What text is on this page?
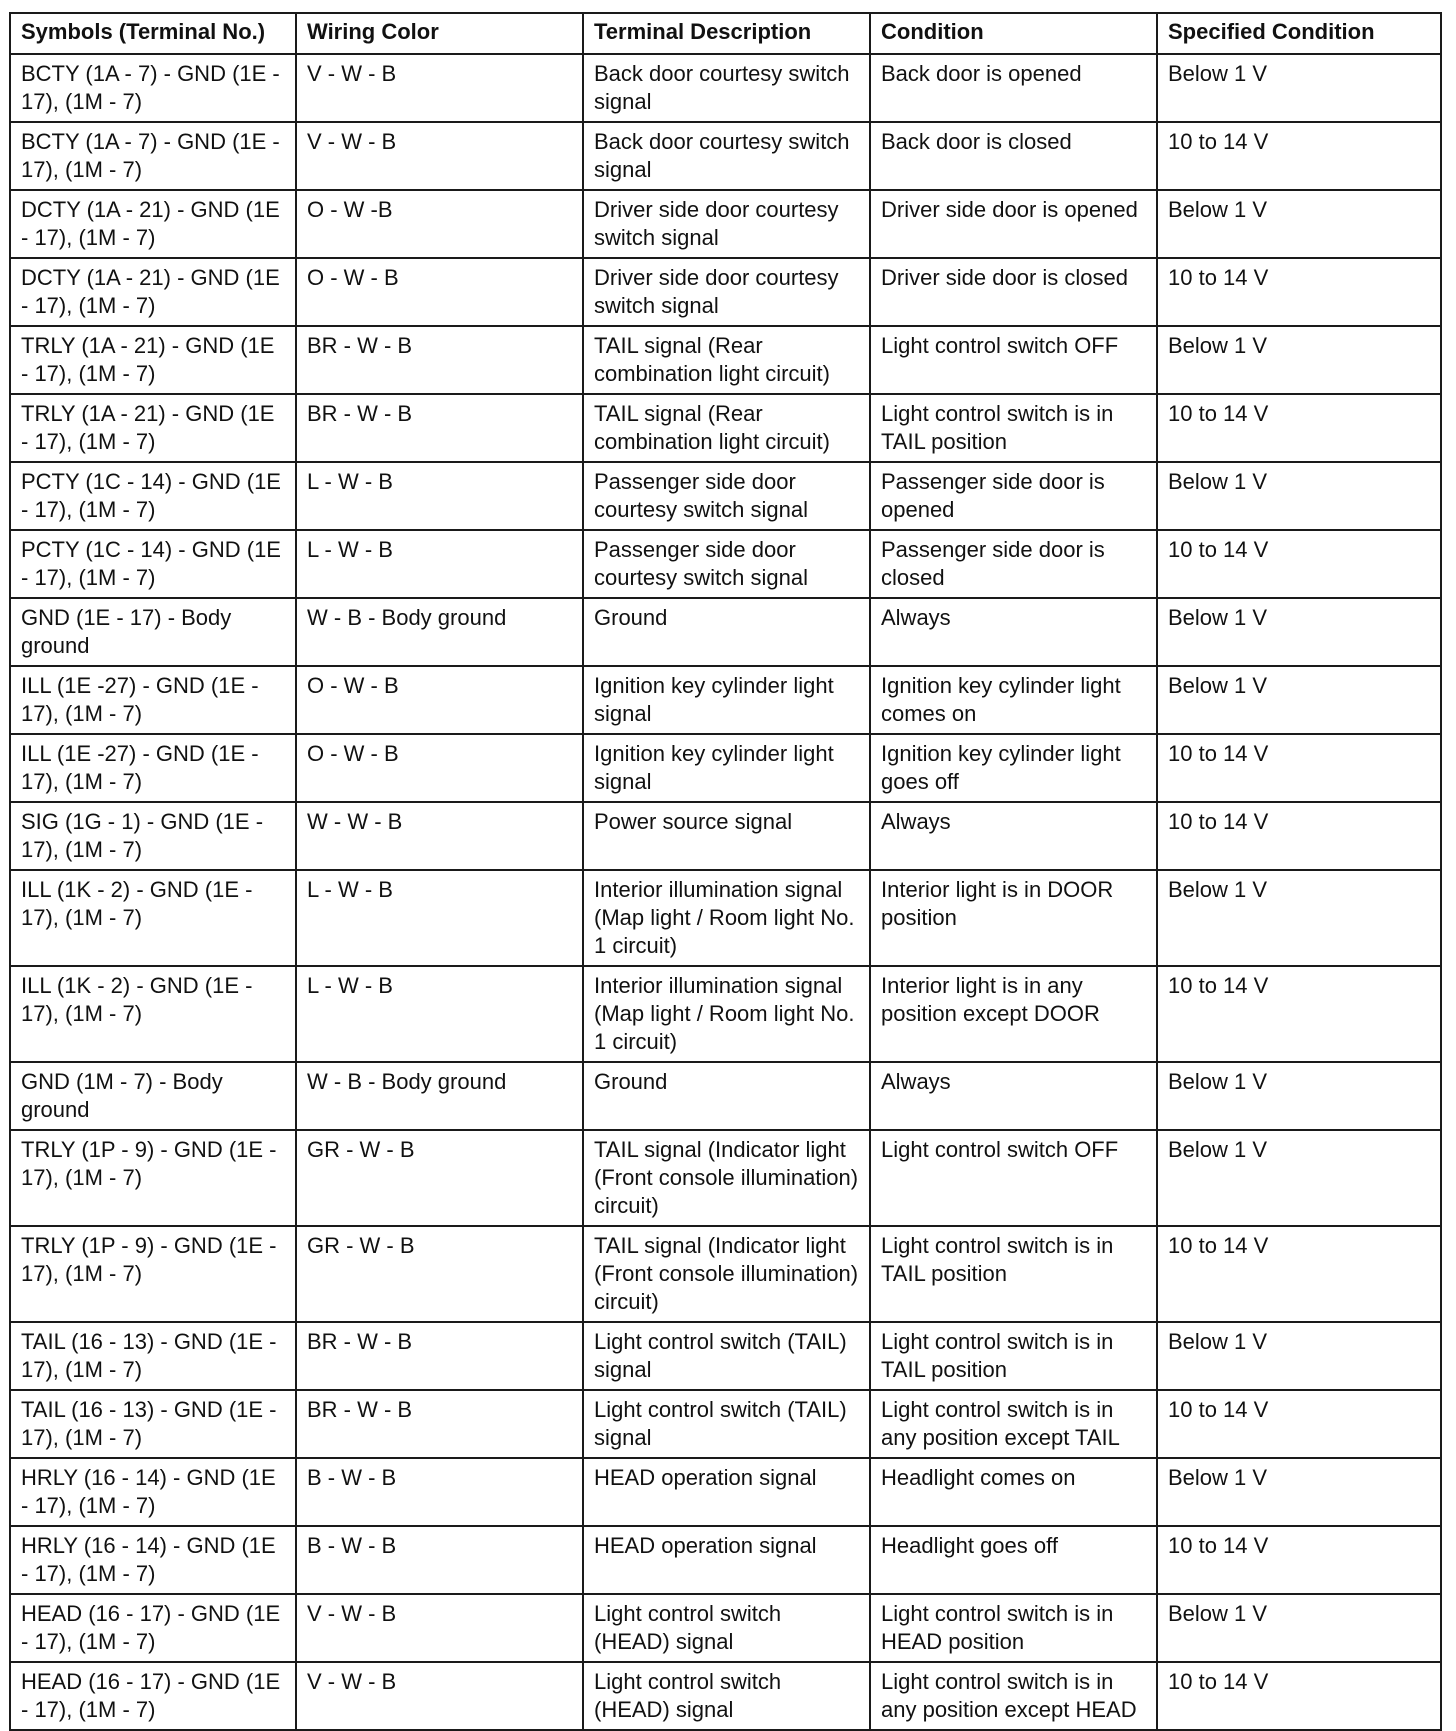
Symbols (Terminal No.)	Wiring Color	Terminal Description	Condition	Specified Condition
BCTY (1A - 7) - GND (1E - 17), (1M - 7)	V - W - B	Back door courtesy switch signal	Back door is opened	Below 1 V
BCTY (1A - 7) - GND (1E - 17), (1M - 7)	V - W - B	Back door courtesy switch signal	Back door is closed	10 to 14 V
DCTY (1A - 21) - GND (1E - 17), (1M - 7)	O - W -B	Driver side door courtesy switch signal	Driver side door is opened	Below 1 V
DCTY (1A - 21) - GND (1E - 17), (1M - 7)	O - W - B	Driver side door courtesy switch signal	Driver side door is closed	10 to 14 V
TRLY (1A - 21) - GND (1E - 17), (1M - 7)	BR - W - B	TAIL signal (Rear combination light circuit)	Light control switch OFF	Below 1 V
TRLY (1A - 21) - GND (1E - 17), (1M - 7)	BR - W - B	TAIL signal (Rear combination light circuit)	Light control switch is in TAIL position	10 to 14 V
PCTY (1C - 14) - GND (1E - 17), (1M - 7)	L - W - B	Passenger side door courtesy switch signal	Passenger side door is opened	Below 1 V
PCTY (1C - 14) - GND (1E - 17), (1M - 7)	L - W - B	Passenger side door courtesy switch signal	Passenger side door is closed	10 to 14 V
GND (1E - 17) - Body ground	W - B - Body ground	Ground	Always	Below 1 V
ILL (1E -27) - GND (1E - 17), (1M - 7)	O - W - B	Ignition key cylinder light signal	Ignition key cylinder light comes on	Below 1 V
ILL (1E -27) - GND (1E - 17), (1M - 7)	O - W - B	Ignition key cylinder light signal	Ignition key cylinder light goes off	10 to 14 V
SIG (1G - 1) - GND (1E - 17), (1M - 7)	W - W - B	Power source signal	Always	10 to 14 V
ILL (1K - 2) - GND (1E - 17), (1M - 7)	L - W - B	Interior illumination signal (Map light / Room light No. 1 circuit)	Interior light is in DOOR position	Below 1 V
ILL (1K - 2) - GND (1E - 17), (1M - 7)	L - W - B	Interior illumination signal (Map light / Room light No. 1 circuit)	Interior light is in any position except DOOR	10 to 14 V
GND (1M - 7) - Body ground	W - B - Body ground	Ground	Always	Below 1 V
TRLY (1P - 9) - GND (1E - 17), (1M - 7)	GR - W - B	TAIL signal (Indicator light (Front console illumination) circuit)	Light control switch OFF	Below 1 V
TRLY (1P - 9) - GND (1E - 17), (1M - 7)	GR - W - B	TAIL signal (Indicator light (Front console illumination) circuit)	Light control switch is in TAIL position	10 to 14 V
TAIL (16 - 13) - GND (1E - 17), (1M - 7)	BR - W - B	Light control switch (TAIL) signal	Light control switch is in TAIL position	Below 1 V
TAIL (16 - 13) - GND (1E - 17), (1M - 7)	BR - W - B	Light control switch (TAIL) signal	Light control switch is in any position except TAIL	10 to 14 V
HRLY (16 - 14) - GND (1E - 17), (1M - 7)	B - W - B	HEAD operation signal	Headlight comes on	Below 1 V
HRLY (16 - 14) - GND (1E - 17), (1M - 7)	B - W - B	HEAD operation signal	Headlight goes off	10 to 14 V
HEAD (16 - 17) - GND (1E - 17), (1M - 7)	V - W - B	Light control switch (HEAD) signal	Light control switch is in HEAD position	Below 1 V
HEAD (16 - 17) - GND (1E - 17), (1M - 7)	V - W - B	Light control switch (HEAD) signal	Light control switch is in any position except HEAD	10 to 14 V
